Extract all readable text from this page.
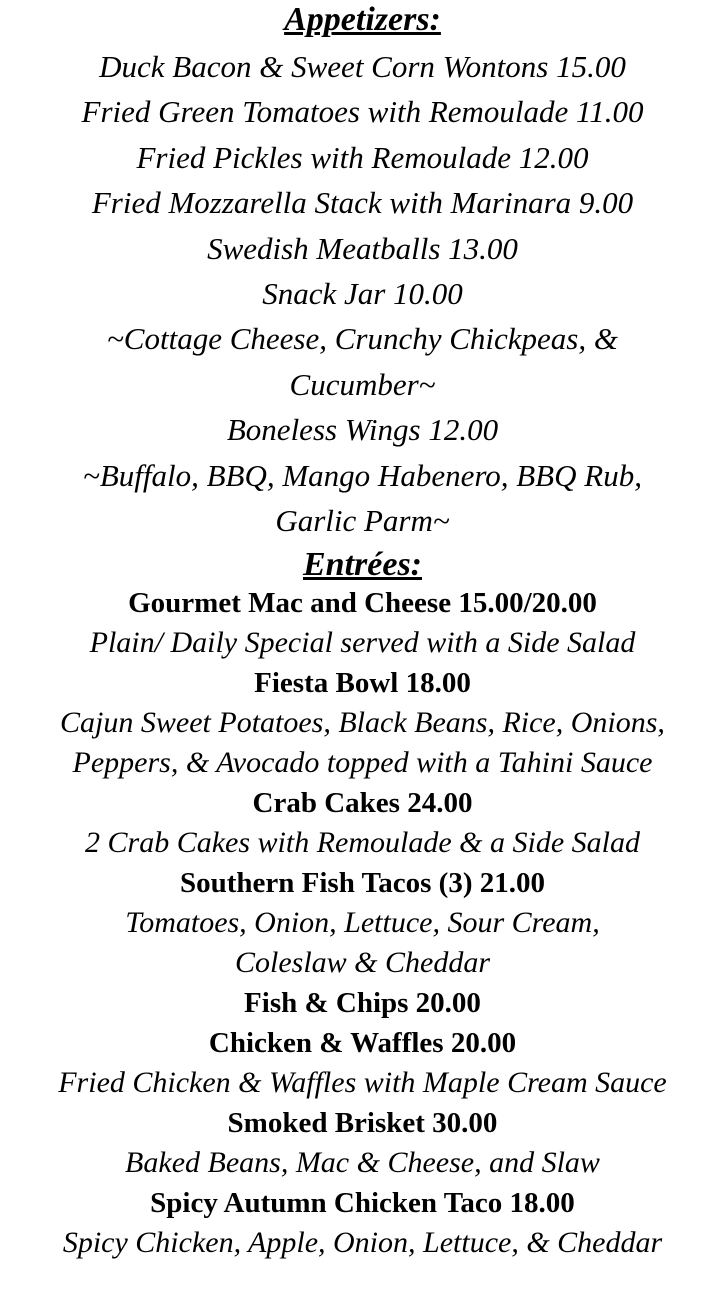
Appetizers:
Duck Bacon & Sweet Corn Wontons 15.00
Fried Green Tomatoes with Remoulade 11.00
Fried Pickles with Remoulade 12.00
Fried Mozzarella Stack with Marinara 9.00
Swedish Meatballs 13.00
Snack Jar 10.00
~Cottage Cheese, Crunchy Chickpeas, &
Cucumber~
Boneless Wings 12.00
~Buffalo, BBQ, Mango Habenero, BBQ Rub,
Garlic Parm~
Entrées:
Gourmet Mac and Cheese 15.00/20.00
Plain/ Daily Special served with a Side Salad
Fiesta Bowl 18.00
Cajun Sweet Potatoes, Black Beans, Rice, Onions,
Peppers, & Avocado topped with a Tahini Sauce
Crab Cakes 24.00
2 Crab Cakes with Remoulade & a Side Salad
Southern Fish Tacos (3) 21.00
Tomatoes, Onion, Lettuce, Sour Cream,
Coleslaw & Cheddar
Fish & Chips 20.00
Chicken & Waffles 20.00
Fried Chicken & Waffles with Maple Cream Sauce
Smoked Brisket 30.00
Baked Beans, Mac & Cheese, and Slaw
Spicy Autumn Chicken Taco 18.00
Spicy Chicken, Apple, Onion, Lettuce, & Cheddar
